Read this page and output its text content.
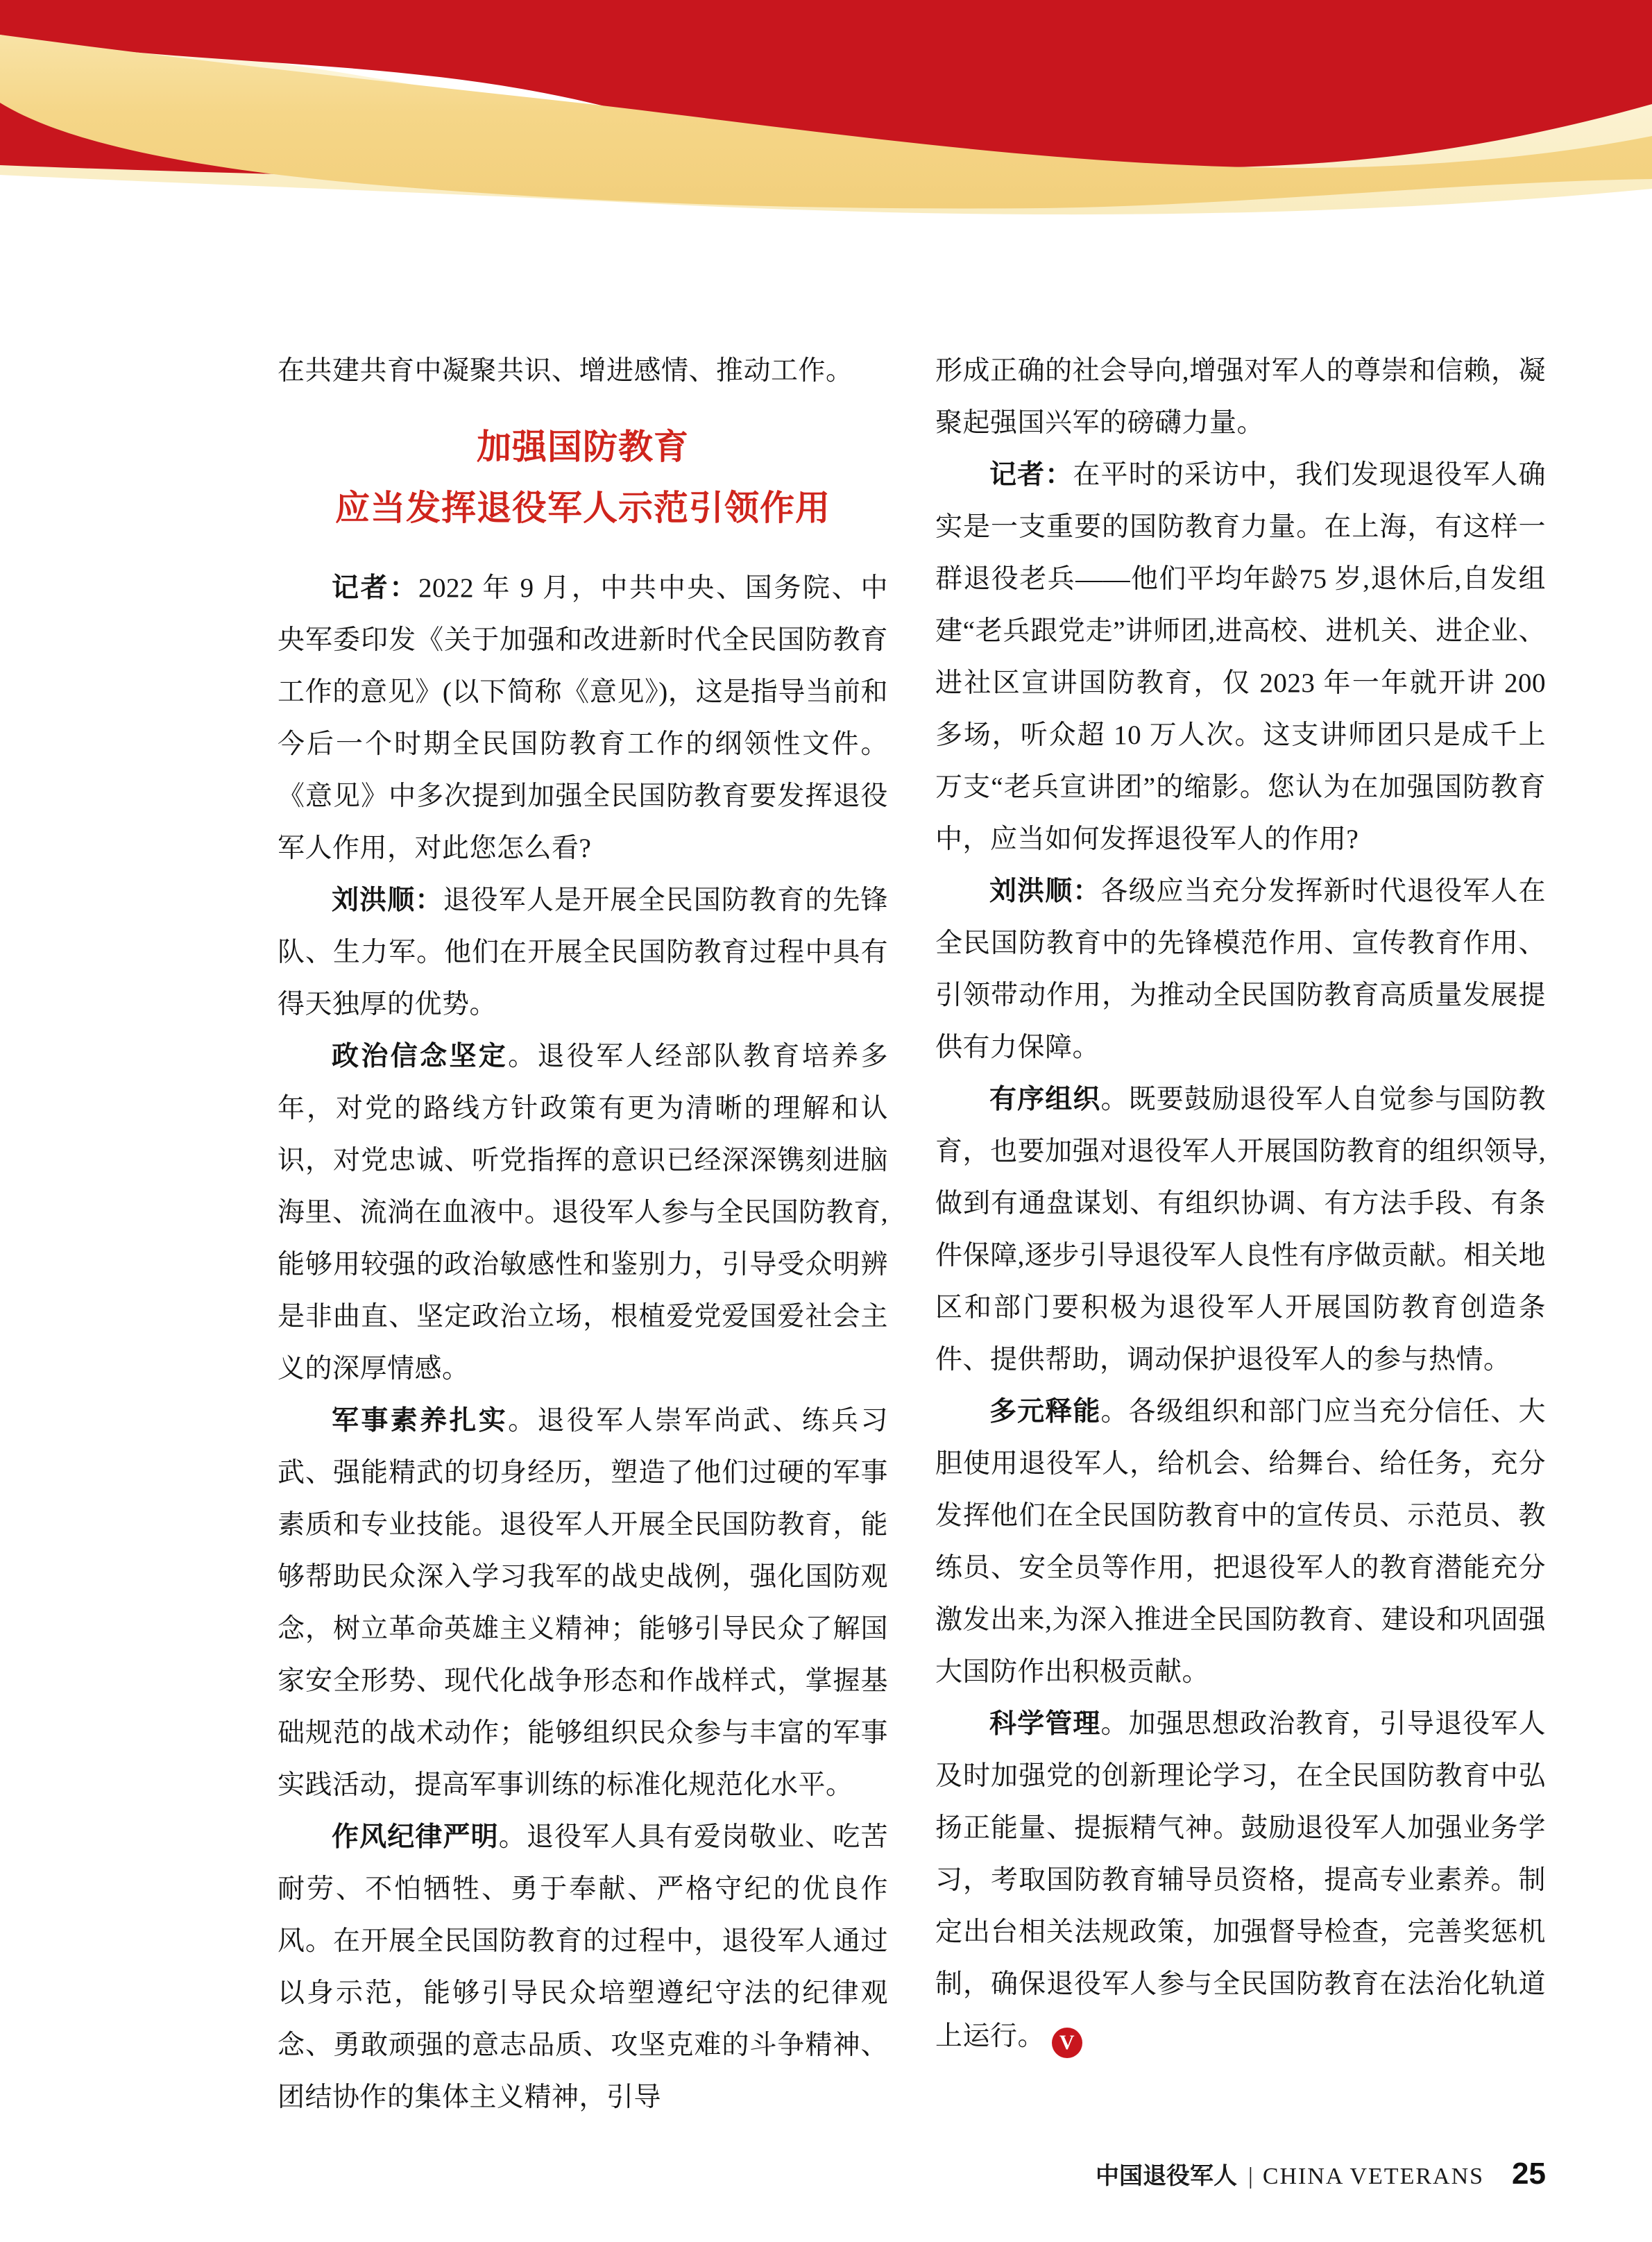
在共建共育中凝聚共识、增进感情、推动工作。

加强国防教育
应当发挥退役军人示范引领作用

记者：2022 年 9 月，中共中央、国务院、中央军委印发《关于加强和改进新时代全民国防教育工作的意见》(以下简称《意见》)，这是指导当前和今后一个时期全民国防教育工作的纲领性文件。《意见》中多次提到加强全民国防教育要发挥退役军人作用，对此您怎么看?

刘洪顺：退役军人是开展全民国防教育的先锋队、生力军。他们在开展全民国防教育过程中具有得天独厚的优势。

政治信念坚定。退役军人经部队教育培养多年，对党的路线方针政策有更为清晰的理解和认识，对党忠诚、听党指挥的意识已经深深镌刻进脑海里、流淌在血液中。退役军人参与全民国防教育,能够用较强的政治敏感性和鉴别力，引导受众明辨是非曲直、坚定政治立场，根植爱党爱国爱社会主义的深厚情感。

军事素养扎实。退役军人崇军尚武、练兵习武、强能精武的切身经历，塑造了他们过硬的军事素质和专业技能。退役军人开展全民国防教育，能够帮助民众深入学习我军的战史战例，强化国防观念，树立革命英雄主义精神；能够引导民众了解国家安全形势、现代化战争形态和作战样式，掌握基础规范的战术动作；能够组织民众参与丰富的军事实践活动，提高军事训练的标准化规范化水平。

作风纪律严明。退役军人具有爱岗敬业、吃苦耐劳、不怕牺牲、勇于奉献、严格守纪的优良作风。在开展全民国防教育的过程中，退役军人通过以身示范，能够引导民众培塑遵纪守法的纪律观念、勇敢顽强的意志品质、攻坚克难的斗争精神、团结协作的集体主义精神，引导

形成正确的社会导向,增强对军人的尊崇和信赖，凝聚起强国兴军的磅礴力量。

记者：在平时的采访中，我们发现退役军人确实是一支重要的国防教育力量。在上海，有这样一群退役老兵——他们平均年龄75 岁,退休后,自发组建“老兵跟党走”讲师团,进高校、进机关、进企业、进社区宣讲国防教育，仅 2023 年一年就开讲 200 多场，听众超 10 万人次。这支讲师团只是成千上万支“老兵宣讲团”的缩影。您认为在加强国防教育中，应当如何发挥退役军人的作用?

刘洪顺：各级应当充分发挥新时代退役军人在全民国防教育中的先锋模范作用、宣传教育作用、引领带动作用，为推动全民国防教育高质量发展提供有力保障。

有序组织。既要鼓励退役军人自觉参与国防教育，也要加强对退役军人开展国防教育的组织领导,做到有通盘谋划、有组织协调、有方法手段、有条件保障,逐步引导退役军人良性有序做贡献。相关地区和部门要积极为退役军人开展国防教育创造条件、提供帮助，调动保护退役军人的参与热情。

多元释能。各级组织和部门应当充分信任、大胆使用退役军人，给机会、给舞台、给任务，充分发挥他们在全民国防教育中的宣传员、示范员、教练员、安全员等作用，把退役军人的教育潜能充分激发出来,为深入推进全民国防教育、建设和巩固强大国防作出积极贡献。

科学管理。加强思想政治教育，引导退役军人及时加强党的创新理论学习，在全民国防教育中弘扬正能量、提振精气神。鼓励退役军人加强业务学习，考取国防教育辅导员资格，提高专业素养。制定出台相关法规政策，加强督导检查，完善奖惩机制，确保退役军人参与全民国防教育在法治化轨道上运行。 V

中国退役军人 | CHINA VETERANS 25
